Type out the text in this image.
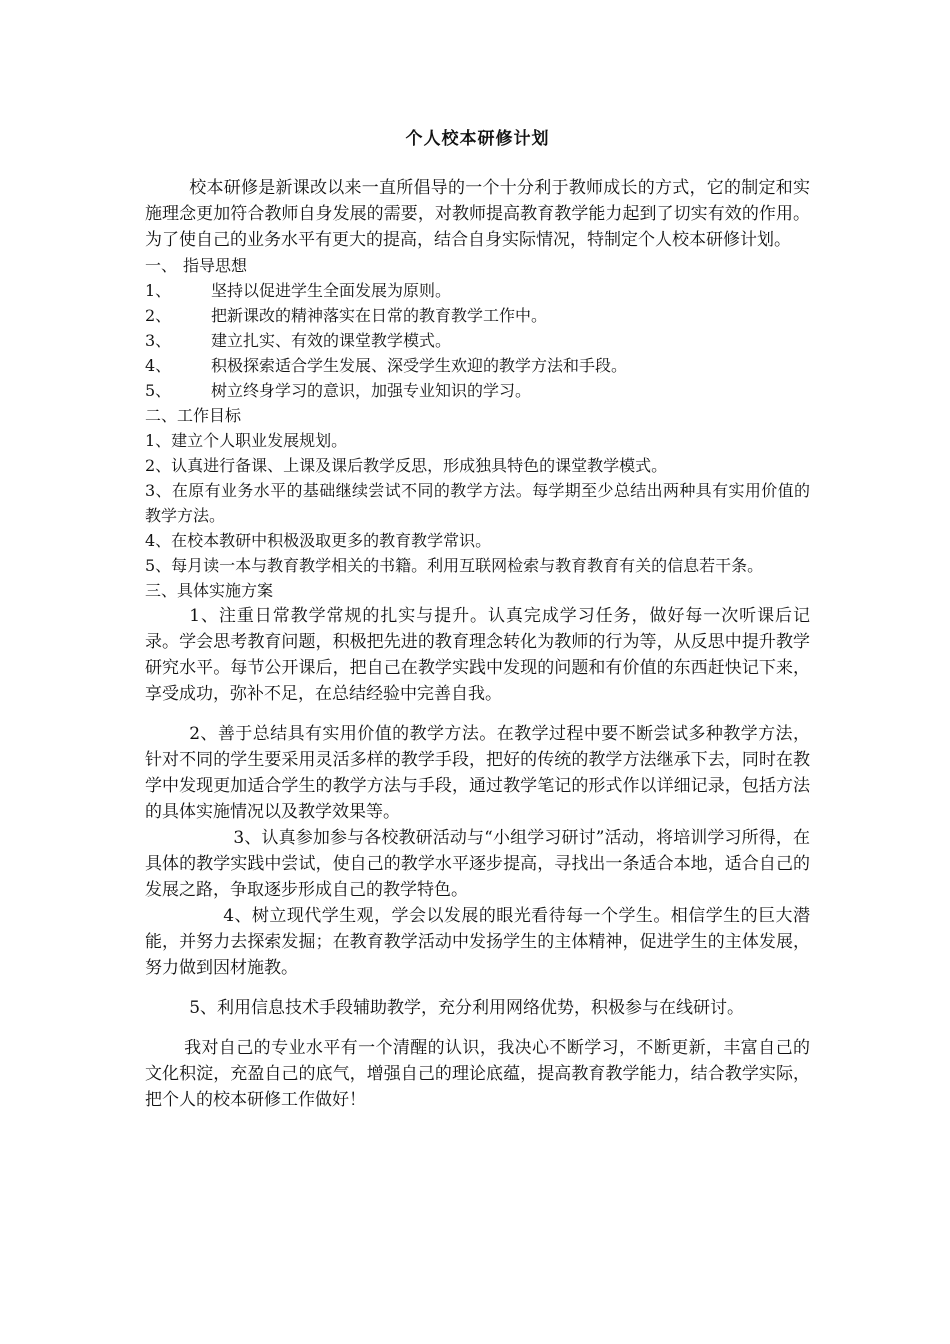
个人校本研修计划

校本研修是新课改以来一直所倡导的一个十分利于教师成长的方式，它的制定和实施理念更加符合教师自身发展的需要，对教师提高教育教学能力起到了切实有效的作用。为了使自己的业务水平有更大的提高，结合自身实际情况，特制定个人校本研修计划。

一、 指导思想

1、 坚持以促进学生全面发展为原则。

2、 把新课改的精神落实在日常的教育教学工作中。

3、 建立扎实、有效的课堂教学模式。

4、 积极探索适合学生发展、深受学生欢迎的教学方法和手段。

5、 树立终身学习的意识，加强专业知识的学习。

二、工作目标

1、建立个人职业发展规划。

2、认真进行备课、上课及课后教学反思，形成独具特色的课堂教学模式。

3、在原有业务水平的基础继续尝试不同的教学方法。每学期至少总结出两种具有实用价值的教学方法。

4、在校本教研中积极汲取更多的教育教学常识。

5、每月读一本与教育教学相关的书籍。利用互联网检索与教育教育有关的信息若干条。

三、具体实施方案

1、注重日常教学常规的扎实与提升。认真完成学习任务，做好每一次听课后记录。学会思考教育问题，积极把先进的教育理念转化为教师的行为等，从反思中提升教学研究水平。每节公开课后，把自己在教学实践中发现的问题和有价值的东西赶快记下来，享受成功，弥补不足，在总结经验中完善自我。

2、善于总结具有实用价值的教学方法。在教学过程中要不断尝试多种教学方法，针对不同的学生要采用灵活多样的教学手段，把好的传统的教学方法继承下去，同时在教学中发现更加适合学生的教学方法与手段，通过教学笔记的形式作以详细记录，包括方法的具体实施情况以及教学效果等。

3、认真参加参与各校教研活动与“小组学习研讨”活动，将培训学习所得，在具体的教学实践中尝试，使自己的教学水平逐步提高，寻找出一条适合本地，适合自己的发展之路，争取逐步形成自己的教学特色。

4、树立现代学生观，学会以发展的眼光看待每一个学生。相信学生的巨大潜能，并努力去探索发掘；在教育教学活动中发扬学生的主体精神，促进学生的主体发展，努力做到因材施教。

5、利用信息技术手段辅助教学，充分利用网络优势，积极参与在线研讨。

我对自己的专业水平有一个清醒的认识，我决心不断学习，不断更新，丰富自己的文化积淀，充盈自己的底气，增强自己的理论底蕴，提高教育教学能力，结合教学实际，把个人的校本研修工作做好！
